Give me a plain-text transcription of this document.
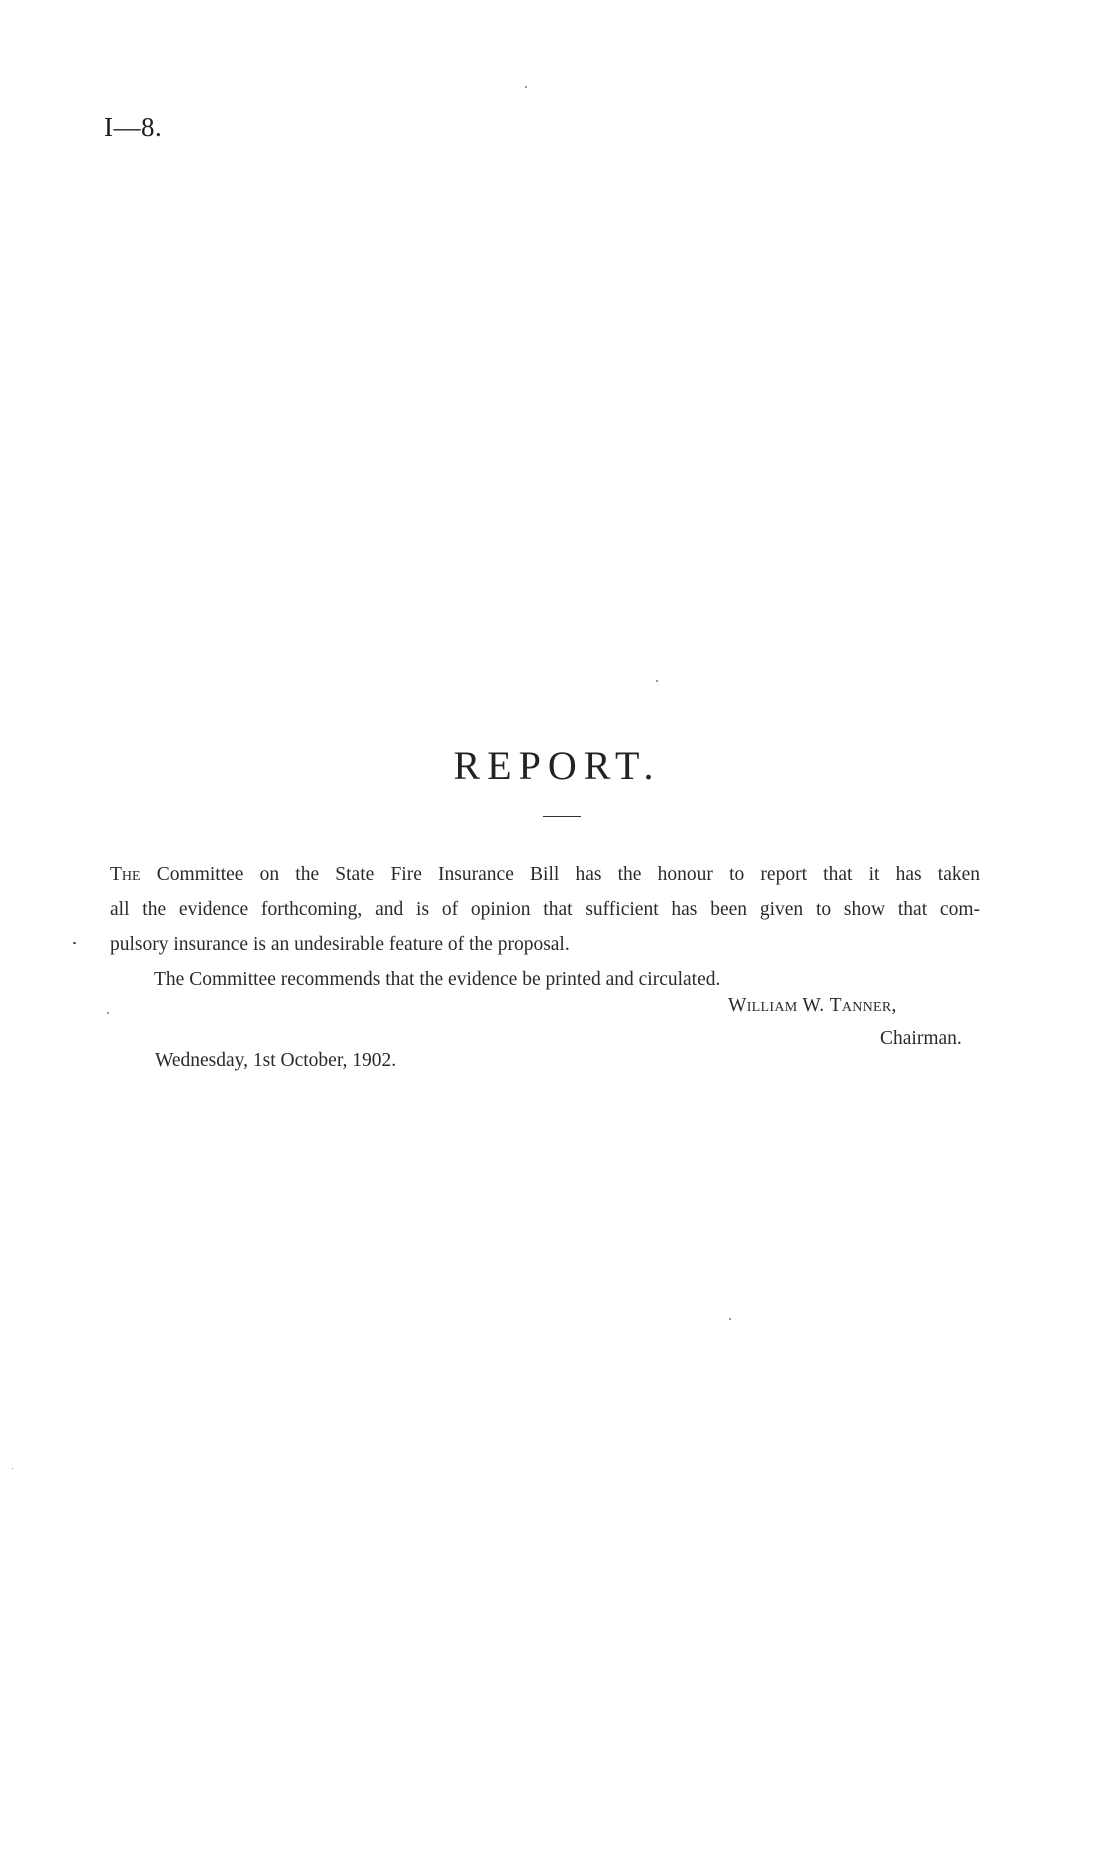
I—8.
REPORT.
The Committee on the State Fire Insurance Bill has the honour to report that it has taken
all the evidence forthcoming, and is of opinion that sufficient has been given to show that com-
pulsory insurance is an undesirable feature of the proposal.

The Committee recommends that the evidence be printed and circulated.

William W. Tanner,
Chairman.
Wednesday, 1st October, 1902.
